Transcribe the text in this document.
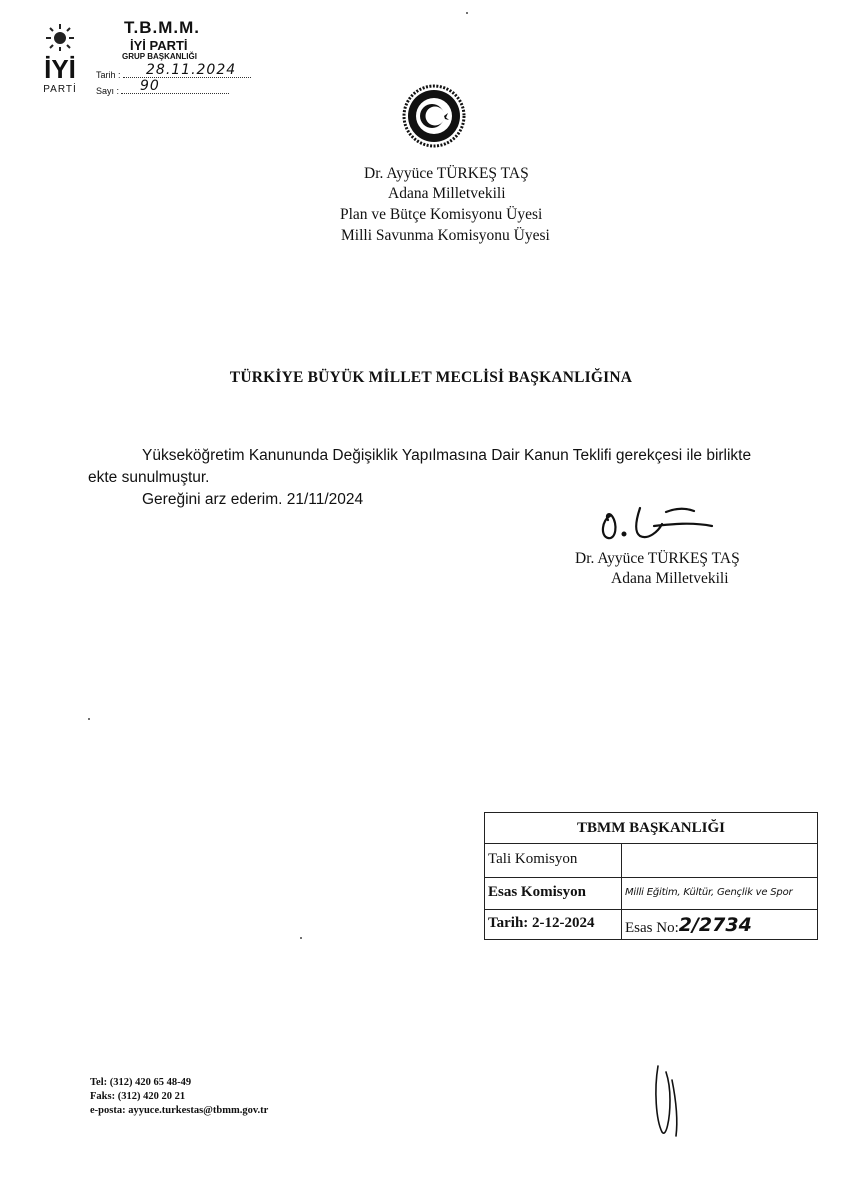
İYİ
PARTİ
T.B.M.M.
İYİ PARTİ
GRUP BAŞKANLIĞI
Tarih : 28.11.2024
Sayı : 90
Dr. Ayyüce TÜRKEŞ TAŞ
Adana Milletvekili
Plan ve Bütçe Komisyonu Üyesi
Milli Savunma Komisyonu Üyesi
TÜRKİYE BÜYÜK MİLLET MECLİSİ BAŞKANLIĞINA
Yükseköğretim Kanununda Değişiklik Yapılmasına Dair Kanun Teklifi gerekçesi ile birlikte
ekte sunulmuştur.
Gereğini arz ederim. 21/11/2024
Dr. Ayyüce TÜRKEŞ TAŞ
Adana Milletvekili
TBMM BAŞKANLIĞI
Tali Komisyon
Esas Komisyon	Milli Eğitim, Kültür, Gençlik ve Spor
Tarih: 2-12-2024 Esas No:2/2734
Tel: (312) 420 65 48-49
Faks: (312) 420 20 21
e-posta: ayyuce.turkestas@tbmm.gov.tr
